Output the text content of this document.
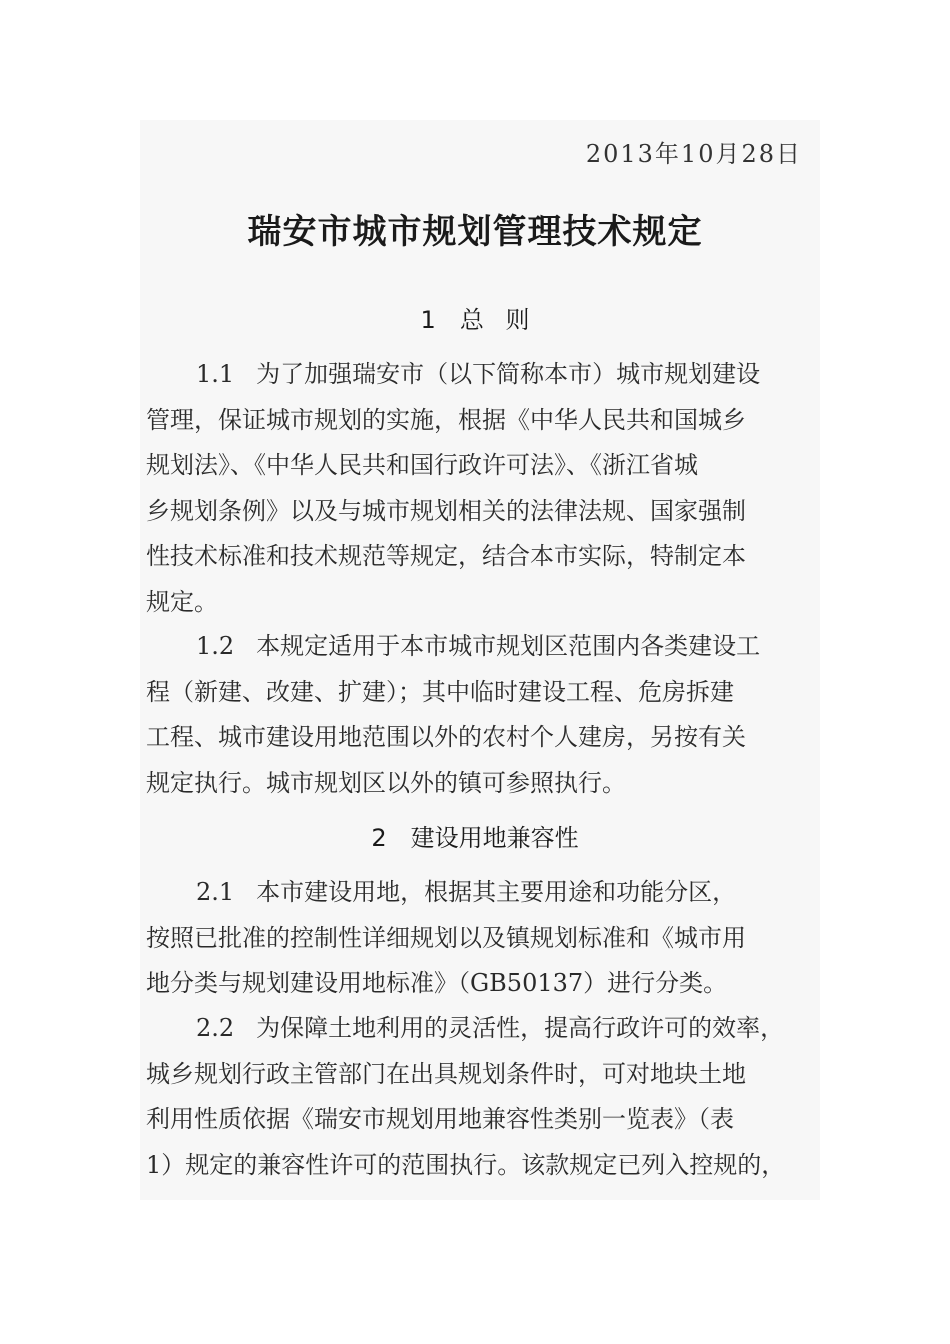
2013年10月28日
瑞安市城市规划管理技术规定
1 总 则
1.1 为了加强瑞安市（以下简称本市）城市规划建设
管理，保证城市规划的实施，根据《中华人民共和国城乡
规划法》、《中华人民共和国行政许可法》、《浙江省城
乡规划条例》以及与城市规划相关的法律法规、国家强制
性技术标准和技术规范等规定，结合本市实际，特制定本
规定。
1.2 本规定适用于本市城市规划区范围内各类建设工
程（新建、改建、扩建）；其中临时建设工程、危房拆建
工程、城市建设用地范围以外的农村个人建房，另按有关
规定执行。城市规划区以外的镇可参照执行。
2 建设用地兼容性
2.1 本市建设用地，根据其主要用途和功能分区，
按照已批准的控制性详细规划以及镇规划标准和《城市用
地分类与规划建设用地标准》（GB50137）进行分类。
2.2 为保障土地利用的灵活性，提高行政许可的效率，
城乡规划行政主管部门在出具规划条件时，可对地块土地
利用性质依据《瑞安市规划用地兼容性类别一览表》（表
1）规定的兼容性许可的范围执行。该款规定已列入控规的，
